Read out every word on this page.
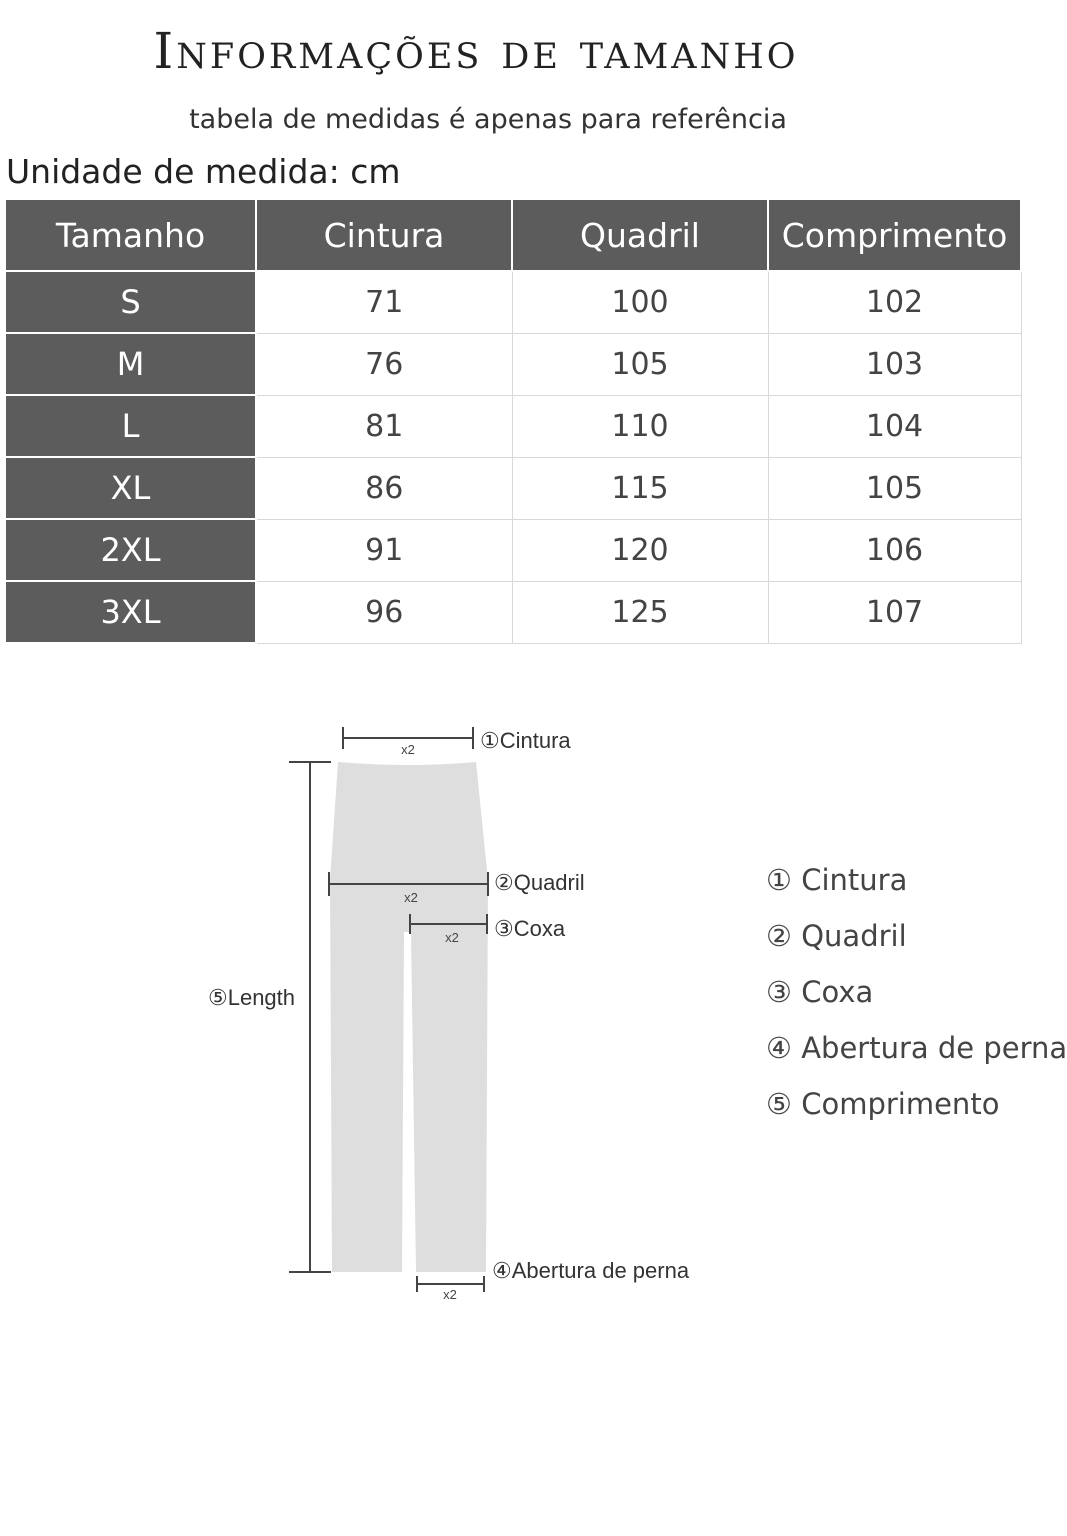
Informações de tamanho
tabela de medidas é apenas para referência
Unidade de medida: cm
Tamanho	Cintura	Quadril	Comprimento
S	71	100	102
M	76	105	103
L	81	110	104
XL	86	115	105
2XL	91	120	106
3XL	96	125	107
x2	①Cintura
x2
②Quadril
x2 ③Coxa
⑤Length
x2
④Abertura de perna
① Cintura
② Quadril
③ Coxa
④ Abertura de perna
⑤ Comprimento
